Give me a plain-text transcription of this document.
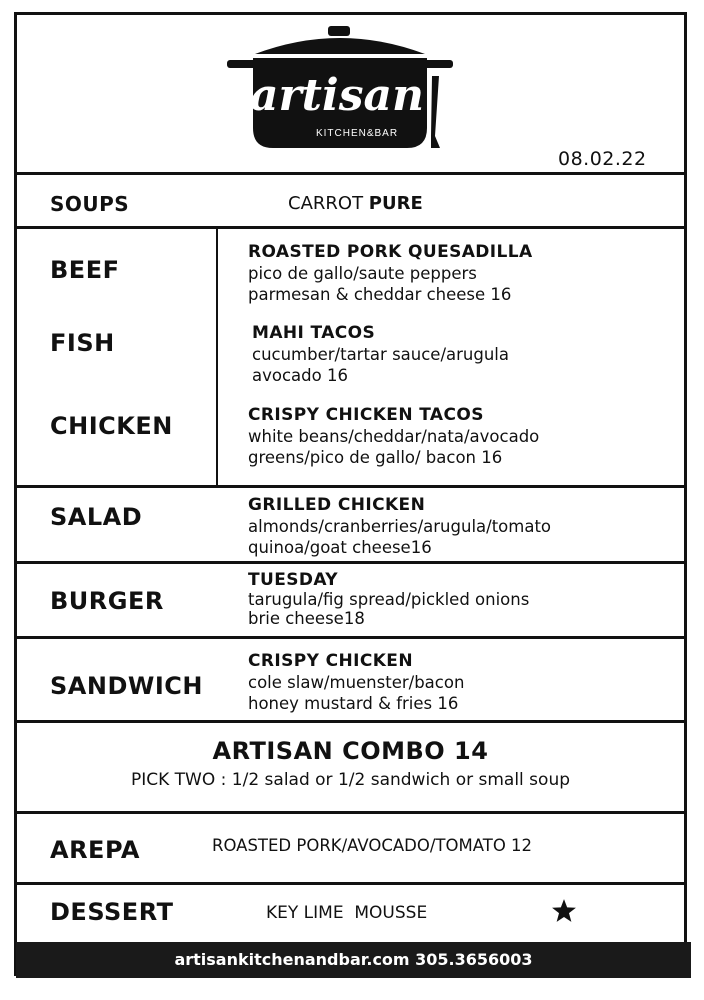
artisan
KITCHEN&BAR
08.02.22
SOUPS	CARROT PURE
BEEF
ROASTED PORK QUESADILLA
pico de gallo/saute peppers
parmesan & cheddar cheese 16
FISH	MAHI TACOS
cucumber/tartar sauce/arugula
avocado 16
CHICKEN	CRISPY CHICKEN TACOS
white beans/cheddar/nata/avocado
greens/pico de gallo/ bacon 16
SALAD	GRILLED CHICKEN
almonds/cranberries/arugula/tomato
quinoa/goat cheese16
BURGER
TUESDAY
tarugula/fig spread/pickled onions
brie cheese18
SANDWICH
CRISPY CHICKEN
cole slaw/muenster/bacon
honey mustard & fries 16
ARTISAN COMBO 14
PICK TWO : 1/2 salad or 1/2 sandwich or small soup
AREPA	ROASTED PORK/AVOCADO/TOMATO 12
DESSERT	KEY LIME  MOUSSE
artisankitchenandbar.com 305.3656003
